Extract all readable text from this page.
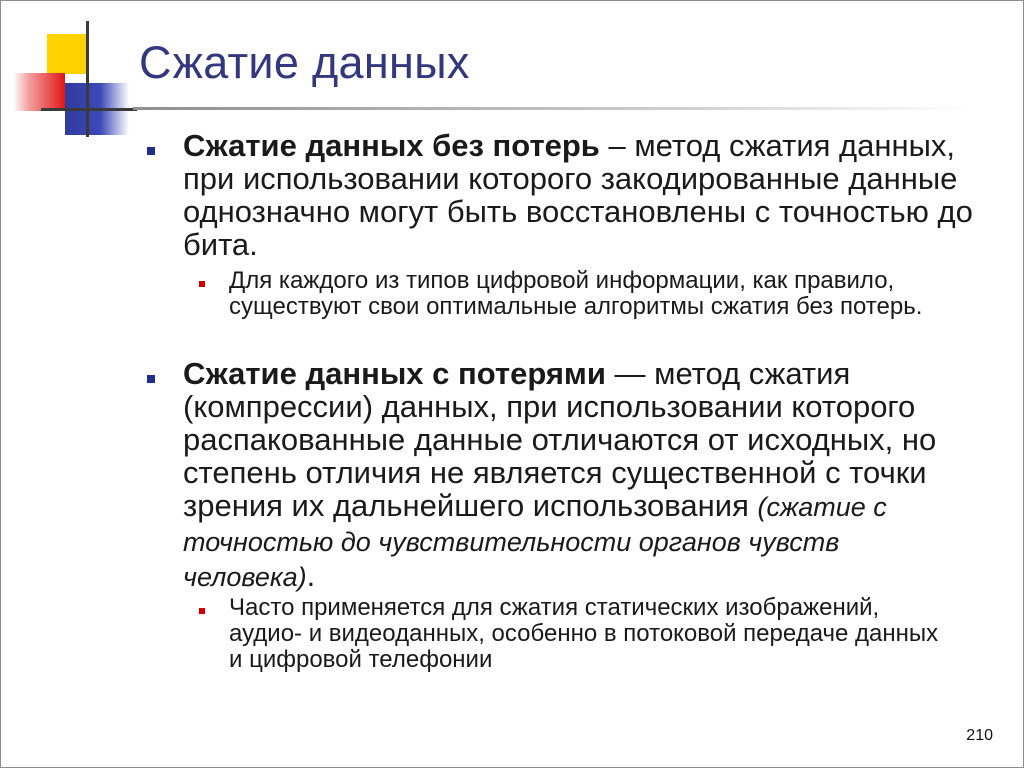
Сжатие данных
Сжатие данных без потерь – метод сжатия данных, при использовании которого закодированные данные однозначно могут быть восстановлены с точностью до бита.
Для каждого из типов цифровой информации, как правило, существуют свои оптимальные алгоритмы сжатия без потерь.
Сжатие данных с потерями — метод сжатия (компрессии) данных, при использовании которого распакованные данные отличаются от исходных, но степень отличия не является существенной с точки зрения их дальнейшего использования (сжатие с точностью до чувствительности органов чувств человека).
Часто применяется для сжатия статических изображений, аудио- и видеоданных, особенно в потоковой передаче данных и цифровой телефонии
210
